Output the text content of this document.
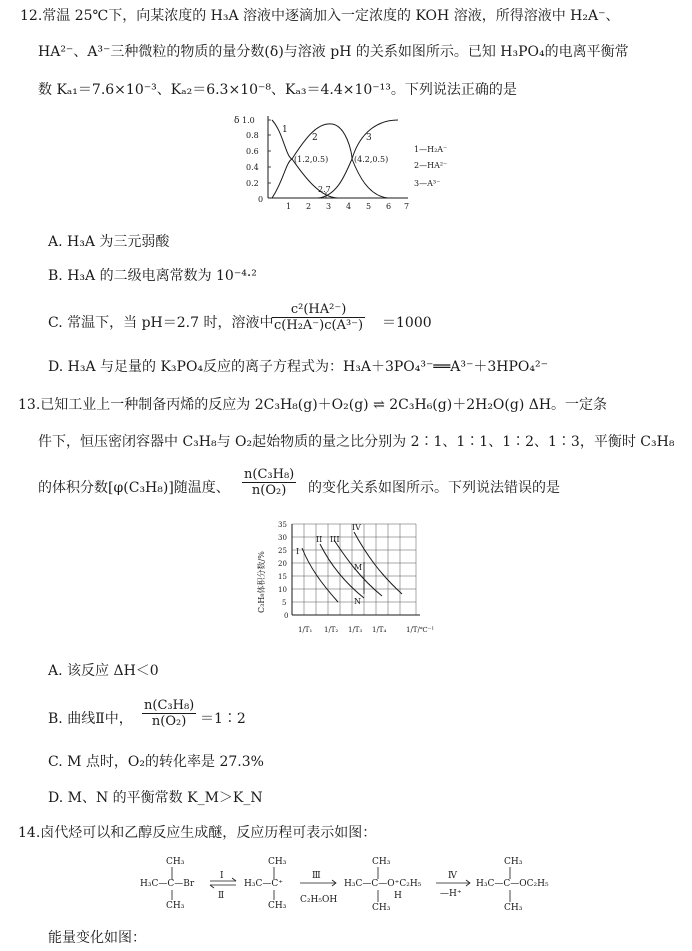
12.常温 25℃下，向某浓度的 H₃A 溶液中逐滴加入一定浓度的 KOH 溶液，所得溶液中 H₂A⁻、
HA²⁻、A³⁻三种微粒的物质的量分数(δ)与溶液 pH 的关系如图所示。已知 H₃PO₄的电离平衡常
数 Kₐ₁＝7.6×10⁻³、Kₐ₂＝6.3×10⁻⁸、Kₐ₃＝4.4×10⁻¹³。下列说法正确的是
δ 1.0
0.8
0.6
0.4
0.2
0
1 2 3 4 5 6 7
1
2	3
(1.2,0.5)	(4.2,0.5)
2.7
1—H₂A⁻
2—HA²⁻
3—A³⁻
A. H₃A 为三元弱酸
B. H₃A 的二级电离常数为 10⁻⁴·²
C. 常温下，当 pH＝2.7 时，溶液中
$\frac{\text{c²(HA²⁻)}}{\text{c(H₂A⁻)c(A³⁻)}} =1000$
D. H₃A 与足量的 K₃PO₄反应的离子方程式为：H₃A＋3PO₄³⁻══A³⁻＋3HPO₄²⁻
13.已知工业上一种制备丙烯的反应为 2C₃H₈(g)＋O₂(g) ⇌ 2C₃H₆(g)＋2H₂O(g) ΔH。一定条
件下，恒压密闭容器中 C₃H₈与 O₂起始物质的量之比分别为 2∶1、1∶1、1∶2、1∶3，平衡时 C₃H₈
的体积分数[φ(C₃H₈)]随温度、 $\frac{\text{n(C₃H₈)}}{\text{n(O₂)}}$ 的变化关系如图所示。下列说法错误的是
C₃H₈体积分数/%
35
30
25
20
15
10
5
0
I
II III
IV
M
N
1/T₁ 1/T₂ 1/T₃ 1/T₄	1/T/℃⁻¹
A. 该反应 ΔH＜0
B. 曲线Ⅱ中， $\frac{\text{n(C₃H₈)}}{\text{n(O₂)}}$ ＝1∶2
C. M 点时，O₂的转化率是 27.3%
D. M、N 的平衡常数 K_M＞K_N
14.卤代烃可以和乙醇反应生成醚，反应历程可表示如图：
CH₃
H₃C—C—Br
CH₃
Ⅰ
Ⅱ
CH₃
H₃C—C⁺
CH₃
Ⅲ
C₂H₅OH
CH₃
H₃C—C—O⁺C₂H₅
H
CH₃
Ⅳ
—H⁺
CH₃
H₃C—C—OC₂H₅
CH₃
能量变化如图：
